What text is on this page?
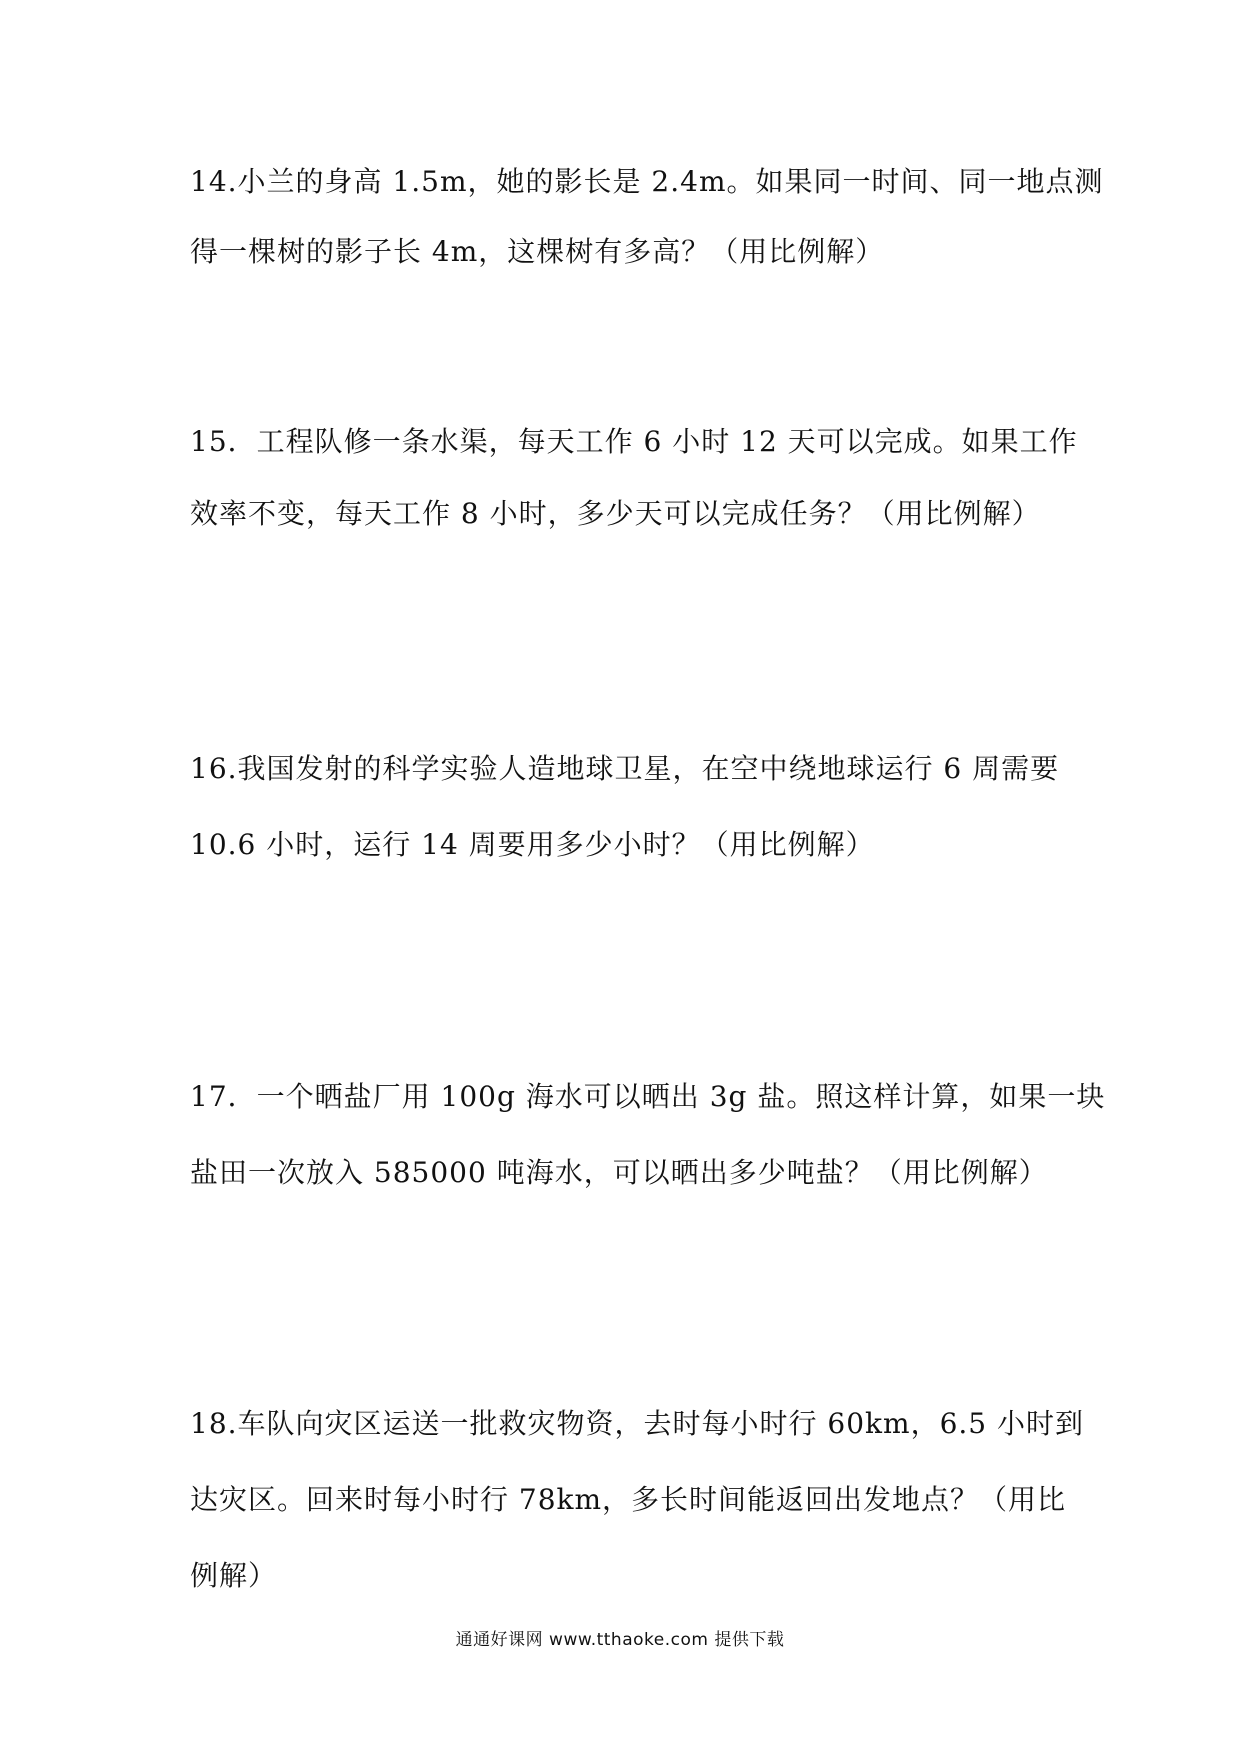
14.小兰的身高 1.5m，她的影长是 2.4m。如果同一时间、同一地点测
得一棵树的影子长 4m，这棵树有多高？（用比例解）
15．工程队修一条水渠，每天工作 6 小时 12 天可以完成。如果工作
效率不变，每天工作 8 小时，多少天可以完成任务？（用比例解）
16.我国发射的科学实验人造地球卫星，在空中绕地球运行 6 周需要
10.6 小时，运行 14 周要用多少小时？（用比例解）
17．一个晒盐厂用 100g 海水可以晒出 3g 盐。照这样计算，如果一块
盐田一次放入 585000 吨海水，可以晒出多少吨盐？（用比例解）
18.车队向灾区运送一批救灾物资，去时每小时行 60km，6.5 小时到
达灾区。回来时每小时行 78km，多长时间能返回出发地点？（用比
例解）
通通好课网 www.tthaoke.com 提供下载
